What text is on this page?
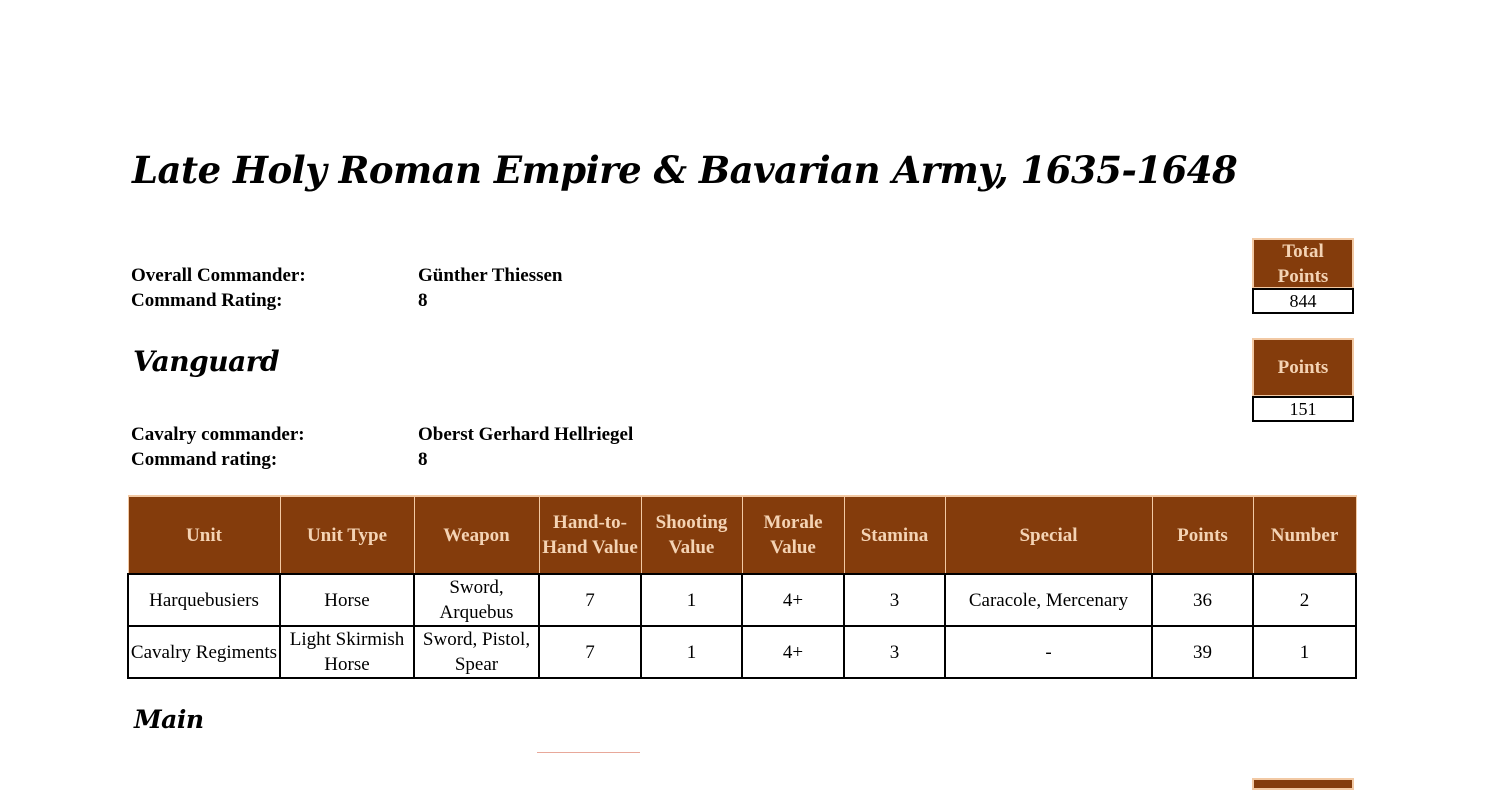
Late Holy Roman Empire & Bavarian Army, 1635-1648
Overall Commander:	Günther Thiessen
Command Rating:	8
Total Points
844
Vanguard	Points
151
Cavalry commander:	Oberst Gerhard Hellriegel
Command rating:	8
Unit	Unit Type	Weapon	Hand-to-Hand Value	Shooting Value	Morale Value	Stamina	Special	Points	Number
Harquebusiers	Horse	Sword, Arquebus	7	1	4+	3	Caracole, Mercenary	36	2
Cavalry Regiments	Light Skirmish Horse	Sword, Pistol, Spear	7	1	4+	3	-	39	1
Main
